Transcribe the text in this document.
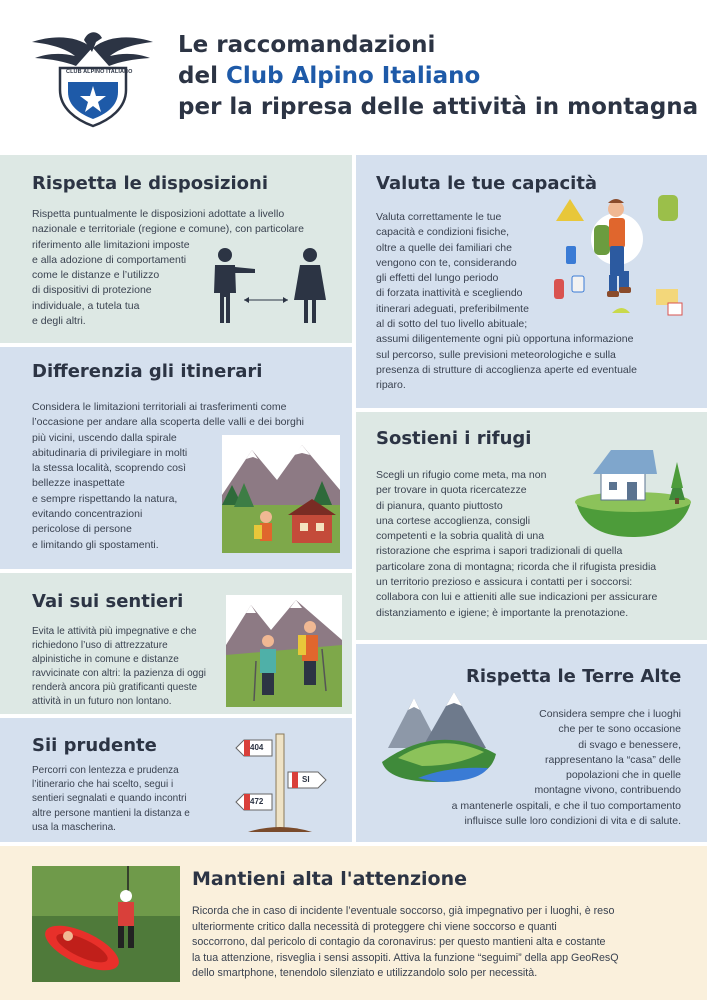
CLUB ALPINO ITALIANO
Le raccomandazioni
del Club Alpino Italiano
per la ripresa delle attività in montagna
Rispetta le disposizioni
Rispetta puntualmente le disposizioni adottate a livello
nazionale e territoriale (regione e comune), con particolare
riferimento alle limitazioni imposte
e alla adozione di comportamenti
come le distanze e l’utilizzo
di dispositivi di protezione
individuale, a tutela tua
e degli altri.
Valuta le tue capacità
Valuta correttamente le tue
capacità e condizioni fisiche,
oltre a quelle dei familiari che
vengono con te, considerando
gli effetti del lungo periodo
di forzata inattività e scegliendo
itinerari adeguati, preferibilmente
al di sotto del tuo livello abituale;
assumi diligentemente ogni più opportuna informazione
sul percorso, sulle previsioni meteorologiche e sulla
presenza di strutture di accoglienza aperte ed eventuale
riparo.
Differenzia gli itinerari
Considera le limitazioni territoriali ai trasferimenti come
l’occasione per andare alla scoperta delle valli e dei borghi
più vicini, uscendo dalla spirale
abitudinaria di privilegiare in molti
la stessa località, scoprendo così
bellezze inaspettate
e sempre rispettando la natura,
evitando concentrazioni
pericolose di persone
e limitando gli spostamenti.
Sostieni i rifugi
Scegli un rifugio come meta, ma non
per trovare in quota ricercatezze
di pianura, quanto piuttosto
una cortese accoglienza, consigli
competenti e la sobria qualità di una
ristorazione che esprima i sapori tradizionali di quella
particolare zona di montagna; ricorda che il rifugista presidia
un territorio prezioso e assicura i contatti per i soccorsi:
collabora con lui e attieniti alle sue indicazioni per assicurare
distanziamento e igiene; è importante la prenotazione.
Vai sui sentieri
Evita le attività più impegnative e che
richiedono l’uso di attrezzature
alpinistiche in comune e distanze
ravvicinate con altri: la pazienza di oggi
renderà ancora più gratificanti queste
attività in un futuro non lontano.
Rispetta le Terre Alte
Considera sempre che i luoghi
che per te sono occasione
di svago e benessere,
rappresentano la “casa” delle
popolazioni che in quelle
montagne vivono, contribuendo
a mantenerle ospitali, e che il tuo comportamento
influisce sulle loro condizioni di vita e di salute.
Sii prudente
Percorri con lentezza e prudenza
l’itinerario che hai scelto, segui i
sentieri segnalati e quando incontri
altre persone mantieni la distanza e
usa la mascherina.
404
SI
472
Mantieni alta l'attenzione
Ricorda che in caso di incidente l’eventuale soccorso, già impegnativo per i luoghi, è reso
ulteriormente critico dalla necessità di proteggere chi viene soccorso e quanti
soccorrono, dal pericolo di contagio da coronavirus: per questo mantieni alta e costante
la tua attenzione, risveglia i sensi assopiti. Attiva la funzione “seguimi” della app GeoResQ
dello smartphone, tenendolo silenziato e utilizzandolo solo per necessità.
